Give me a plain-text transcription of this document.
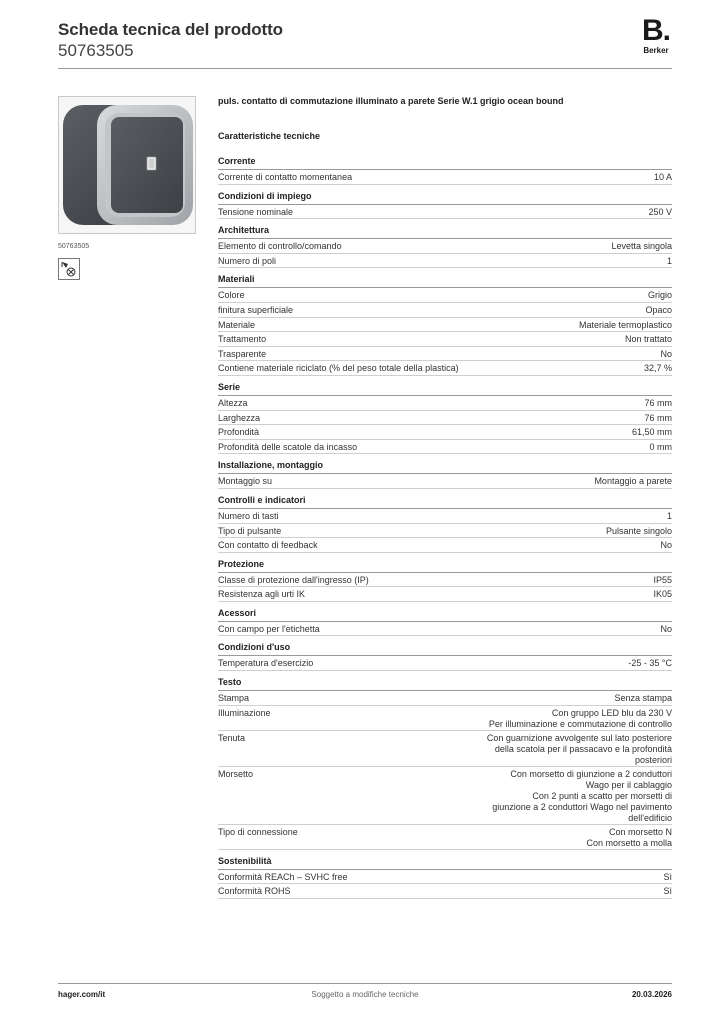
Scheda tecnica del prodotto
50763505
B.
Berker
50763505
puls. contatto di commutazione illuminato a parete Serie W.1 grigio ocean bound
Caratteristiche tecniche
Corrente
Corrente di contatto momentanea	10 A
Condizioni di impiego
Tensione nominale	250 V
Architettura
Elemento di controllo/comando	Levetta singola
Numero di poli	1
Materiali
Colore	Grigio
finitura superficiale	Opaco
Materiale	Materiale termoplastico
Trattamento	Non trattato
Trasparente	No
Contiene materiale riciclato (% del peso totale della plastica)	32,7 %
Serie
Altezza	76 mm
Larghezza	76 mm
Profondità	61,50 mm
Profondità delle scatole da incasso	0 mm
Installazione, montaggio
Montaggio su	Montaggio a parete
Controlli e indicatori
Numero di tasti	1
Tipo di pulsante	Pulsante singolo
Con contatto di feedback	No
Protezione
Classe di protezione dall'ingresso (IP)	IP55
Resistenza agli urti IK	IK05
Acessori
Con campo per l'etichetta	No
Condizioni d'uso
Temperatura d'esercizio	-25 - 35 °C
Testo
Stampa	Senza stampa
Illuminazione	Con gruppo LED blu da 230 V
Per illuminazione e commutazione di controllo
Tenuta	Con guarnizione avvolgente sul lato posteriore
della scatola per il passacavo e la profondità
posteriori
Morsetto	Con morsetto di giunzione a 2 conduttori
Wago per il cablaggio
Con 2 punti a scatto per morsetti di
giunzione a 2 conduttori Wago nel pavimento
dell'edificio
Tipo di connessione	Con morsetto N
Con morsetto a molla
Sostenibilità
Conformità REACh – SVHC free	Sì
Conformità ROHS	Sì
hager.com/it	Soggetto a modifiche tecniche	20.03.2026
